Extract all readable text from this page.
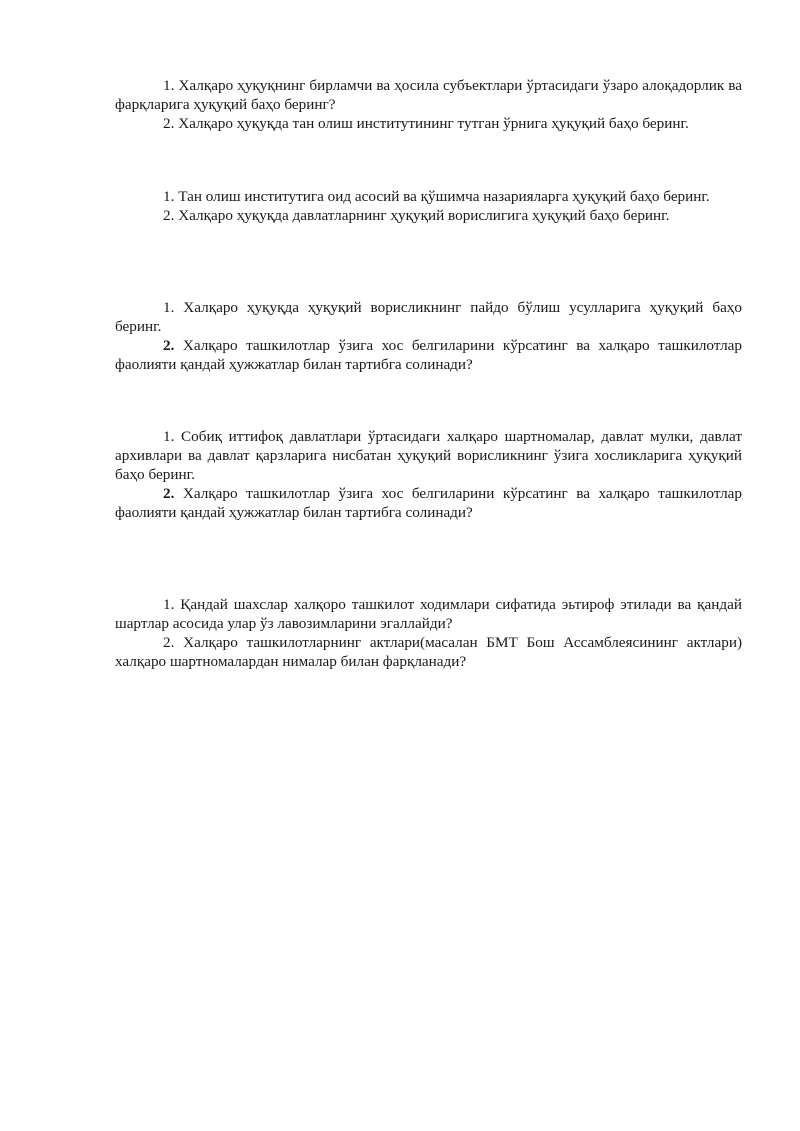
1. Халқаро ҳуқуқнинг бирламчи ва ҳосила субъектлари ўртасидаги ўзаро алоқадорлик ва фарқларига ҳуқуқий баҳо беринг?

2. Халқаро ҳуқуқда тан олиш институтининг тутган ўрнига ҳуқуқий баҳо беринг.

1. Тан олиш институтига оид асосий ва қўшимча назарияларга ҳуқуқий баҳо беринг.

2. Халқаро ҳуқуқда давлатларнинг ҳуқуқий ворислигига ҳуқуқий баҳо беринг.

1. Халқаро ҳуқуқда ҳуқуқий ворисликнинг пайдо бўлиш усулларига ҳуқуқий баҳо беринг.

2. Халқаро ташкилотлар ўзига хос белгиларини кўрсатинг ва халқаро ташкилотлар фаолияти қандай ҳужжатлар билан тартибга солинади?

1. Собиқ иттифоқ давлатлари ўртасидаги халқаро шартномалар, давлат мулки, давлат архивлари ва давлат қарзларига нисбатан ҳуқуқий ворисликнинг ўзига хосликларига ҳуқуқий баҳо беринг.

2. Халқаро ташкилотлар ўзига хос белгиларини кўрсатинг ва халқаро ташкилотлар фаолияти қандай ҳужжатлар билан тартибга солинади?

1. Қандай шахслар халқоро ташкилот ходимлари сифатида эьтироф этилади ва қандай шартлар асосида улар ўз лавозимларини эгаллайди?

2. Халқаро ташкилотларнинг актлари(масалан БМТ Бош Ассамблеясининг актлари) халқаро шартномалардан нималар билан фарқланади?
